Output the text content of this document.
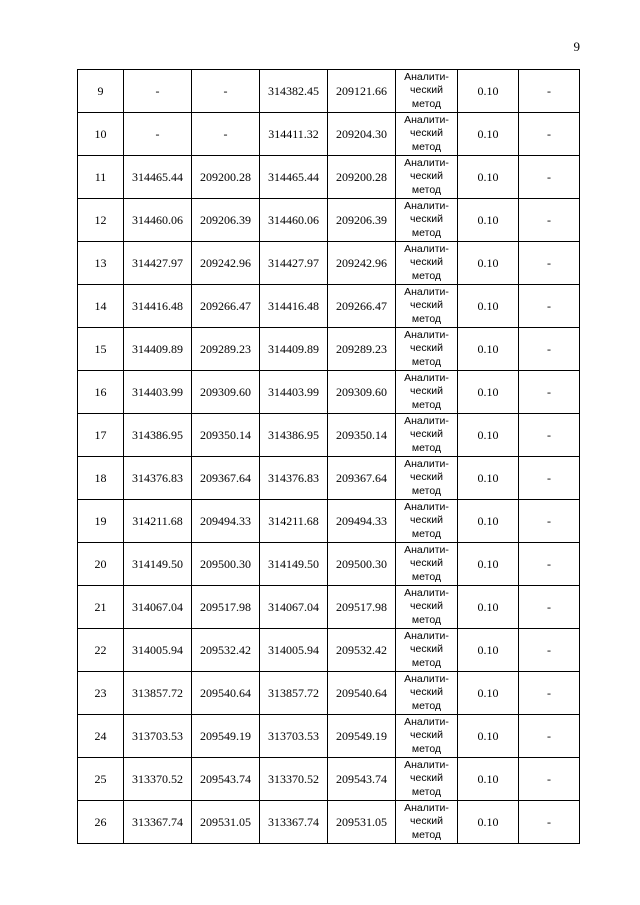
9
9	-	-	314382.45	209121.66	Аналити-
ческий
метод	0.10	-
10	-	-	314411.32	209204.30	Аналити-
ческий
метод	0.10	-
11	314465.44	209200.28	314465.44	209200.28	Аналити-
ческий
метод	0.10	-
12	314460.06	209206.39	314460.06	209206.39	Аналити-
ческий
метод	0.10	-
13	314427.97	209242.96	314427.97	209242.96	Аналити-
ческий
метод	0.10	-
14	314416.48	209266.47	314416.48	209266.47	Аналити-
ческий
метод	0.10	-
15	314409.89	209289.23	314409.89	209289.23	Аналити-
ческий
метод	0.10	-
16	314403.99	209309.60	314403.99	209309.60	Аналити-
ческий
метод	0.10	-
17	314386.95	209350.14	314386.95	209350.14	Аналити-
ческий
метод	0.10	-
18	314376.83	209367.64	314376.83	209367.64	Аналити-
ческий
метод	0.10	-
19	314211.68	209494.33	314211.68	209494.33	Аналити-
ческий
метод	0.10	-
20	314149.50	209500.30	314149.50	209500.30	Аналити-
ческий
метод	0.10	-
21	314067.04	209517.98	314067.04	209517.98	Аналити-
ческий
метод	0.10	-
22	314005.94	209532.42	314005.94	209532.42	Аналити-
ческий
метод	0.10	-
23	313857.72	209540.64	313857.72	209540.64	Аналити-
ческий
метод	0.10	-
24	313703.53	209549.19	313703.53	209549.19	Аналити-
ческий
метод	0.10	-
25	313370.52	209543.74	313370.52	209543.74	Аналити-
ческий
метод	0.10	-
26	313367.74	209531.05	313367.74	209531.05	Аналити-
ческий
метод	0.10	-
